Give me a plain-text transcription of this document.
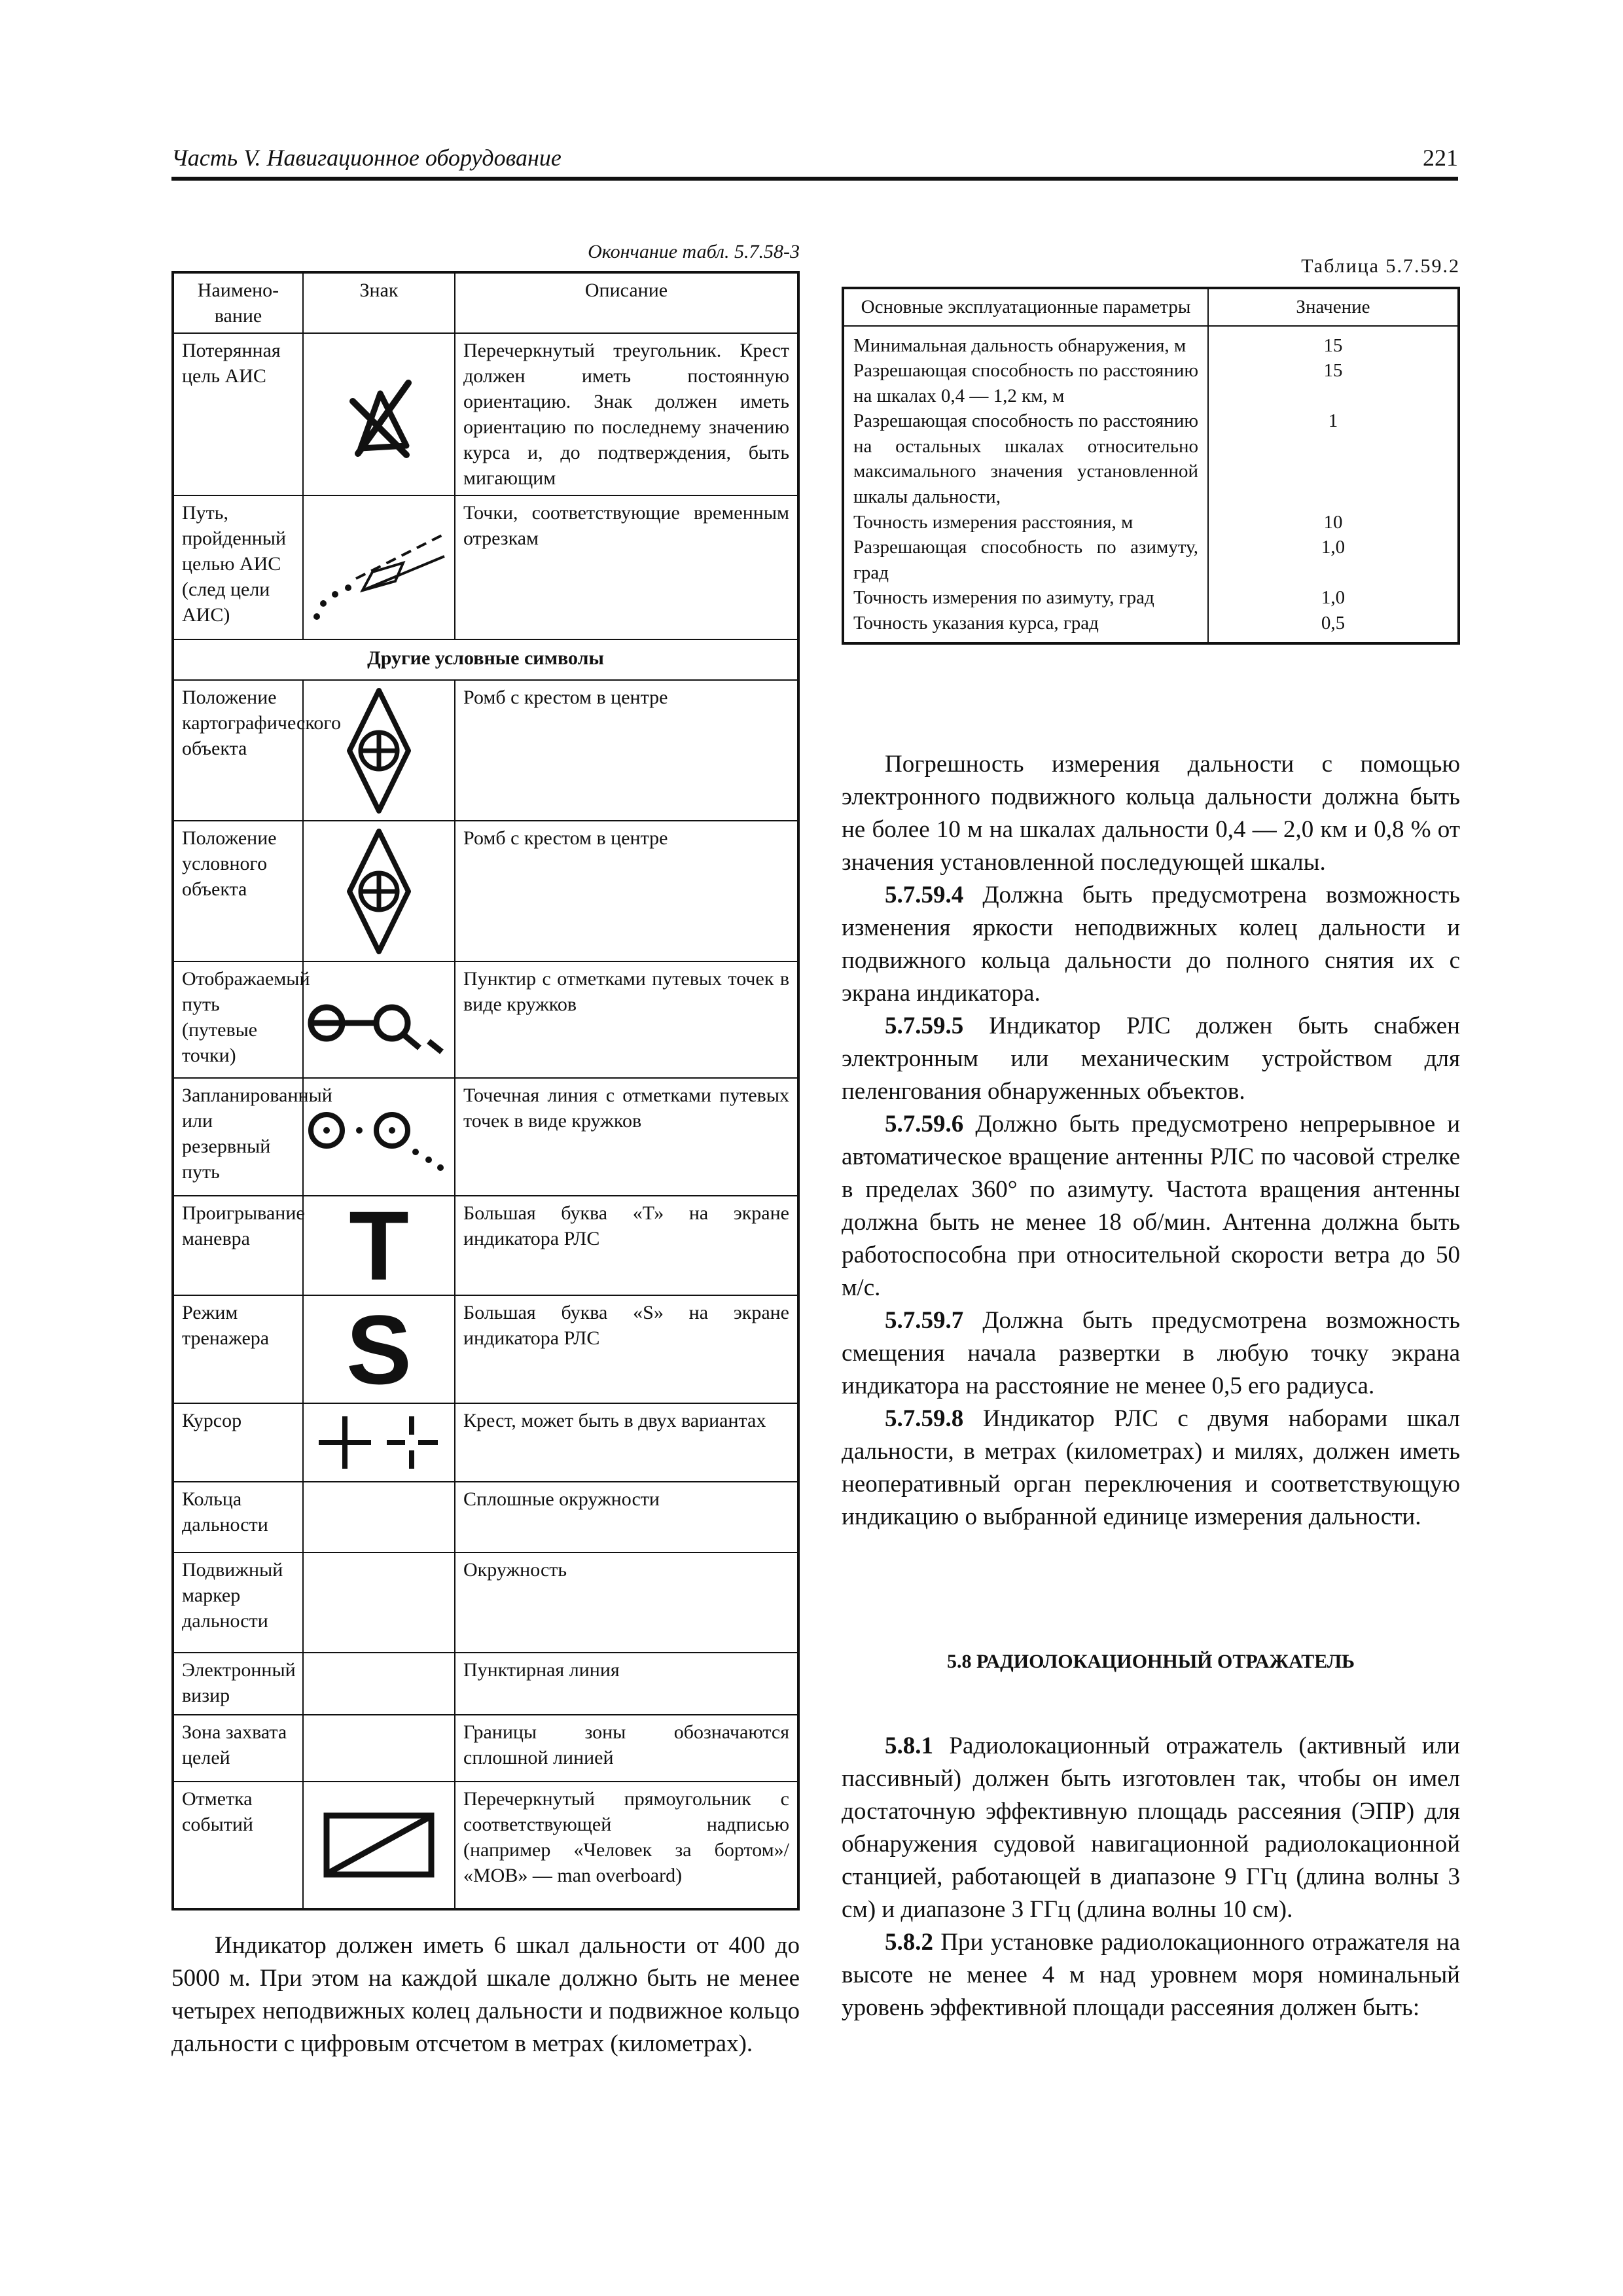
Часть V. Навигационное оборудование	221
Окончание табл. 5.7.58-3
Наимено-вание	Знак	Описание
Потерянная цель АИС		Перечеркнутый треугольник. Крест должен иметь постоянную ориентацию. Знак должен иметь ориентацию по последнему значению курса и, до подтверждения, быть мигающим
Путь, пройденный целью АИС (след цели АИС)		Точки, соответствующие временным отрезкам
Другие условные символы		
Положение картографического объекта		Ромб с крестом в центре
Положение условного объекта		Ромб с крестом в центре
Отображаемый путь (путевые точки)		Пунктир с отметками путевых точек в виде кружков
Запланированный или резервный путь		Точечная линия с отметками путевых точек в виде кружков
Проигрывание маневра	T	Большая буква «Т» на экране индикатора РЛС
Режим тренажера	S	Большая буква «S» на экране индикатора РЛС
Курсор		Крест, может быть в двух вариантах
Кольца дальности		Сплошные окружности
Подвижный маркер дальности		Окружность
Электронный визир		Пунктирная линия
Зона захвата целей		Границы зоны обозначаются сплошной линией
Отметка событий		Перечеркнутый прямоугольник с соответствующей надписью (например «Человек за бортом»/ «МОВ» — man overboard)
Таблица 5.7.59.2
Основные эксплуатационные параметры	Значение
Минимальная дальность обнаружения, м	15
Разрешающая способность по расстоянию на шкалах 0,4 — 1,2 км, м	15
Разрешающая способность по расстоянию на остальных шкалах относительно максимального значения установленной шкалы дальности,	1
Точность измерения расстояния, м	10
Разрешающая способность по азимуту, град	1,0
Точность измерения по азимуту, град	1,0
Точность указания курса, град	0,5

Погрешность измерения дальности с помощью электронного подвижного кольца дальности должна быть не более 10 м на шкалах дальности 0,4 — 2,0 км и 0,8 % от значения установленной последующей шкалы.

5.7.59.4 Должна быть предусмотрена возможность изменения яркости неподвижных колец дальности и подвижного кольца дальности до полного снятия их с экрана индикатора.

5.7.59.5 Индикатор РЛС должен быть снабжен электронным или механическим устройством для пеленгования обнаруженных объектов.

5.7.59.6 Должно быть предусмотрено непрерывное и автоматическое вращение антенны РЛС по часовой стрелке в пределах 360° по азимуту. Частота вращения антенны должна быть не менее 18 об/мин. Антенна должна быть работоспособна при относительной скорости ветра до 50 м/с.

5.7.59.7 Должна быть предусмотрена возможность смещения начала развертки в любую точку экрана индикатора на расстояние не менее 0,5 его радиуса.

5.7.59.8 Индикатор РЛС с двумя наборами шкал дальности, в метрах (километрах) и милях, должен иметь неоперативный орган переключения и соответствующую индикацию о выбранной единице измерения дальности.

5.8 РАДИОЛОКАЦИОННЫЙ ОТРАЖАТЕЛЬ

5.8.1 Радиолокационный отражатель (активный или пассивный) должен быть изготовлен так, чтобы он имел достаточную эффективную площадь рассеяния (ЭПР) для обнаружения судовой навигационной радиолокационной станцией, работающей в диапазоне 9 ГГц (длина волны 3 см) и диапазоне 3 ГГц (длина волны 10 см).

5.8.2 При установке радиолокационного отражателя на высоте не менее 4 м над уровнем моря номинальный уровень эффективной площади рассеяния должен быть:

Индикатор должен иметь 6 шкал дальности от 400 до 5000 м. При этом на каждой шкале должно быть не менее четырех неподвижных колец дальности и подвижное кольцо дальности с цифровым отсчетом в метрах (километрах).
